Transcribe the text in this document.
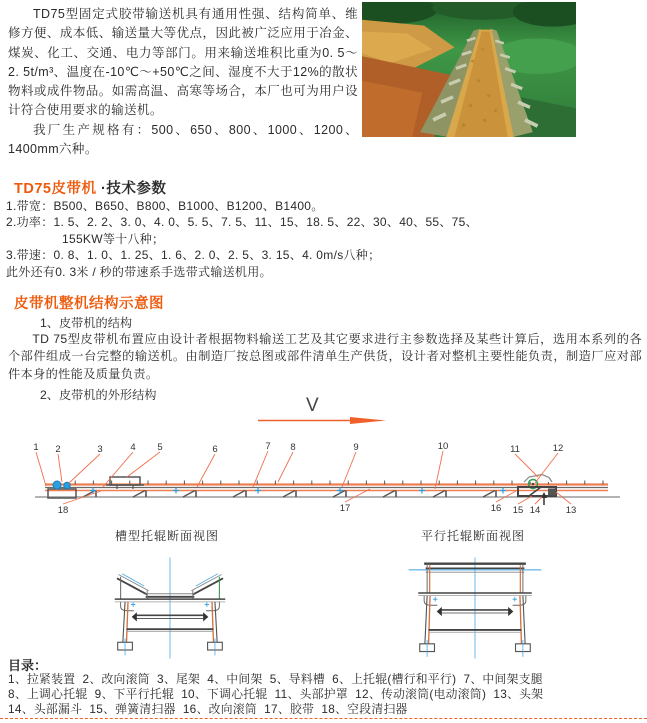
TD75型固定式胶带输送机具有通用性强、结构简单、维修方便、成本低、输送量大等优点，因此被广泛应用于冶金、煤炭、化工、交通、电力等部门。用来输送堆积比重为0. 5～2. 5t/m³、温度在-10℃～+50℃之间、湿度不大于12%的散状物料或成件物品。如需高温、高寒等场合，本厂也可为用户设计符合使用要求的输送机。

我厂生产规格有：500、650、800、1000、1200、1400mm六种。

TD75皮带机 ·技术参数
1.带宽：B500、B650、B800、B1000、B1200、B1400。
2.功率：1. 5、2. 2、3. 0、4. 0、5. 5、7. 5、11、15、18. 5、22、30、40、55、75、
155KW等十八种；
3.带速：0. 8、1. 0、1. 25、1. 6、2. 0、2. 5、3. 15、4. 0m/s八种；
此外还有0. 3米 / 秒的带速系手选带式输送机用。
皮带机整机结构示意图
1、皮带机的结构

TD 75型皮带机布置应由设计者根据物料输送工艺及其它要求进行主参数选择及某些计算后，选用本系列的各个部件组成一台完整的输送机。由制造厂按总图或部件清单生产供货，设计者对整机主要性能负责，制造厂应对部件本身的性能及质量负责。

2、皮带机的外形结构	V
1 2	3	4 5	6	7 8	9	10	11	12
13
14
15
16
17
18
槽型托辊断面视图	平行托辊断面视图
目录：
1、拉紧装置  2、改向滚筒  3、尾架  4、中间架  5、导料槽  6、上托辊(槽行和平行)  7、中间架支腿
8、上调心托辊  9、下平行托辊  10、下调心托辊  11、头部护罩  12、传动滚筒(电动滚筒)  13、头架
14、头部漏斗  15、弹簧清扫器  16、改向滚筒  17、胶带  18、空段清扫器
